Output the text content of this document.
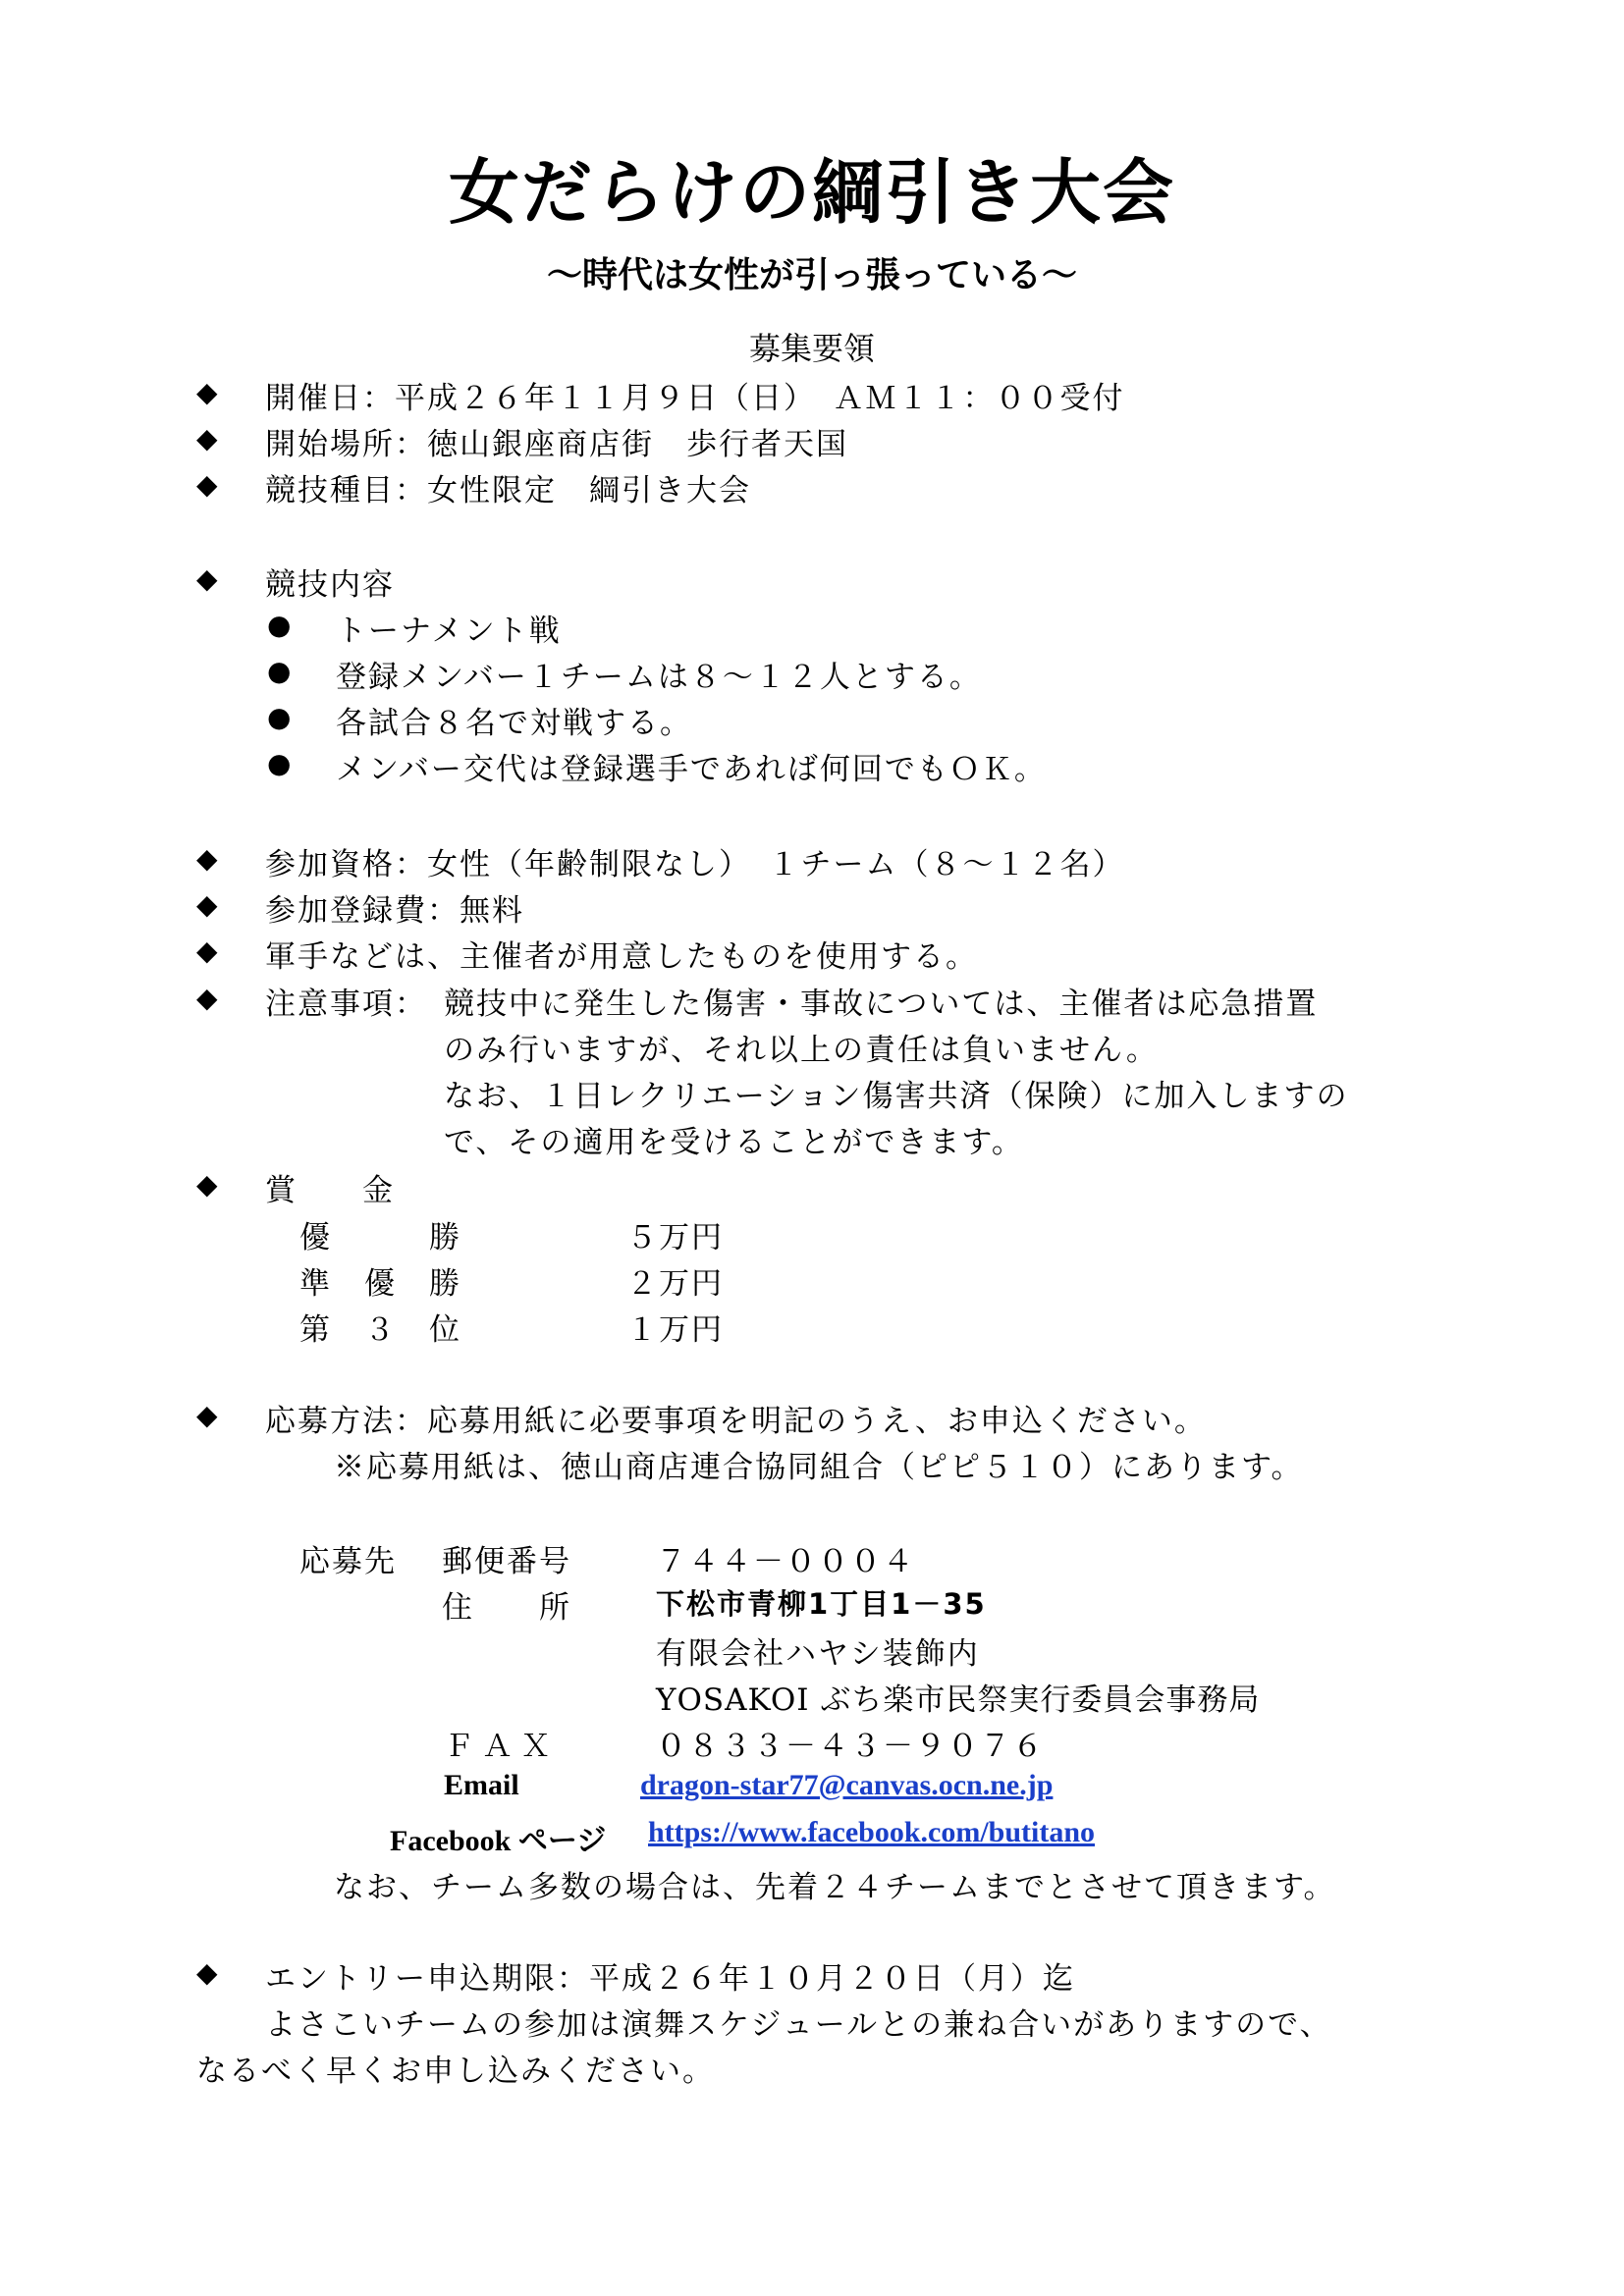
女だらけの綱引き大会
～時代は女性が引っ張っている～
募集要領
◆ 開催日：平成２６年１１月９日（日）　ＡＭ１１：００受付
◆ 開始場所：徳山銀座商店街　歩行者天国
◆ 競技種目：女性限定　綱引き大会
◆ 競技内容
● トーナメント戦
● 登録メンバー１チームは８～１２人とする。
● 各試合８名で対戦する。
● メンバー交代は登録選手であれば何回でもＯＫ。
◆ 参加資格：女性（年齢制限なし）　１チーム（８～１２名）
◆ 参加登録費：無料
◆ 軍手などは、主催者が用意したものを使用する。
◆ 注意事項： 競技中に発生した傷害・事故については、主催者は応急措置
のみ行いますが、それ以上の責任は負いません。
なお、１日レクリエーション傷害共済（保険）に加入しますの
で、その適用を受けることができます。
◆ 賞　　金
優　　　勝	５万円
準　優　勝	２万円
第　３　位	１万円
◆ 応募方法：応募用紙に必要事項を明記のうえ、お申込ください。
※応募用紙は、徳山商店連合協同組合（ピピ５１０）にあります。
応募先 郵便番号	７４４－０００４
住　　所	下松市青柳1丁目1－35
有限会社ハヤシ装飾内
YOSAKOI ぶち楽市民祭実行委員会事務局
ＦＡＸ	０８３３－４３－９０７６
Email	dragon-star77@canvas.ocn.ne.jp
Facebook ページ https://www.facebook.com/butitano
なお、チーム多数の場合は、先着２４チームまでとさせて頂きます。
◆ エントリー申込期限：平成２６年１０月２０日（月）迄
よさこいチームの参加は演舞スケジュールとの兼ね合いがありますので、
なるべく早くお申し込みください。
